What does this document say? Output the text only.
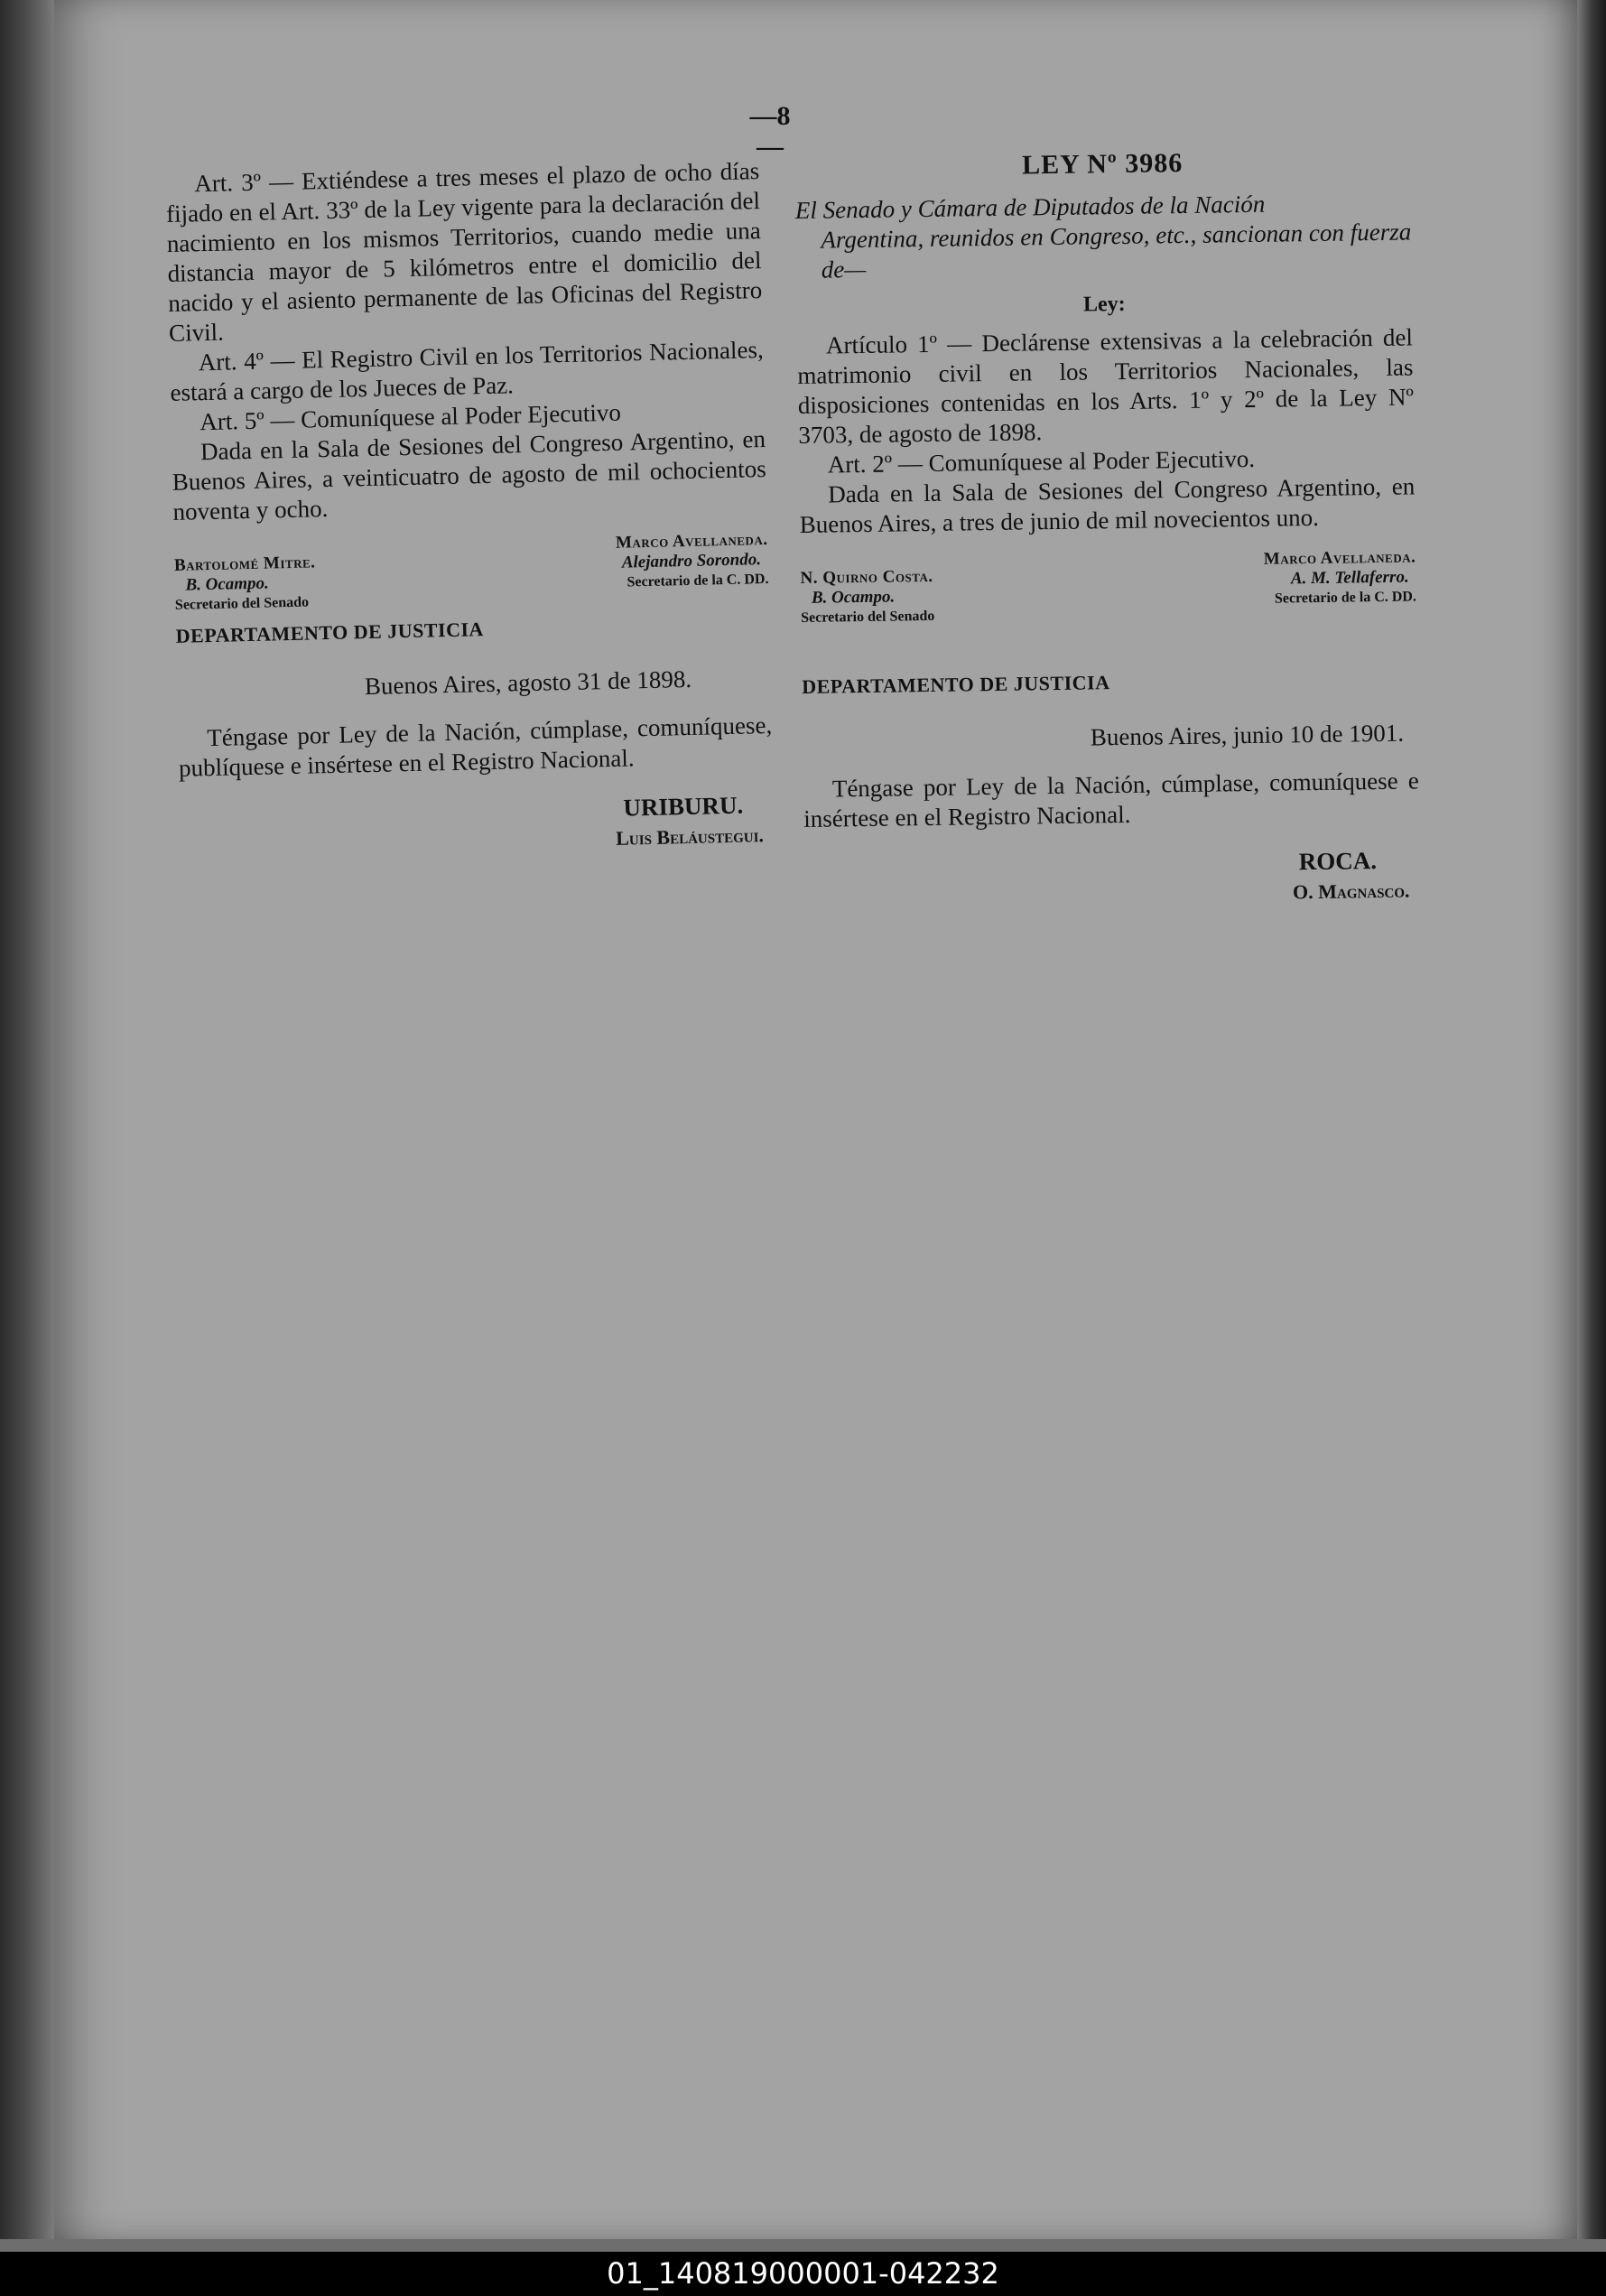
—8—

Art. 3º — Extiéndese a tres meses el plazo de ocho días fijado en el Art. 33º de la Ley vigente para la declaración del nacimiento en los mismos Territorios, cuando medie una distancia mayor de 5 kilómetros entre el domicilio del nacido y el asiento permanente de las Oficinas del Registro Civil.

Art. 4º — El Registro Civil en los Territorios Nacionales, estará a cargo de los Jueces de Paz.

Art. 5º — Comuníquese al Poder Ejecutivo

Dada en la Sala de Sesiones del Congreso Argentino, en Buenos Aires, a veinticuatro de agosto de mil ochocientos noventa y ocho.

Bartolomé Mitre.
B. Ocampo.
Secretario del Senado
Marco Avellaneda.
Alejandro Sorondo.
Secretario de la C. DD.
DEPARTAMENTO DE JUSTICIA
Buenos Aires, agosto 31 de 1898.

Téngase por Ley de la Nación, cúmplase, comuníquese, publíquese e insértese en el Registro Nacional.

URIBURU.
Luis Beláustegui.
LEY Nº 3986
El Senado y Cámara de Diputados de la Nación
Argentina, reunidos en Congreso, etc., sancionan con fuerza de—
Ley:

Artículo 1º — Declárense extensivas a la celebración del matrimonio civil en los Territorios Nacionales, las disposiciones contenidas en los Arts. 1º y 2º de la Ley Nº 3703, de agosto de 1898.

Art. 2º — Comuníquese al Poder Ejecutivo.

Dada en la Sala de Sesiones del Congreso Argentino, en Buenos Aires, a tres de junio de mil novecientos uno.

N. Quirno Costa.
B. Ocampo.
Secretario del Senado
Marco Avellaneda.
A. M. Tellaferro.
Secretario de la C. DD.
DEPARTAMENTO DE JUSTICIA
Buenos Aires, junio 10 de 1901.

Téngase por Ley de la Nación, cúmplase, comuníquese e insértese en el Registro Nacional.

ROCA.
O. Magnasco.
01_140819000001-042232
